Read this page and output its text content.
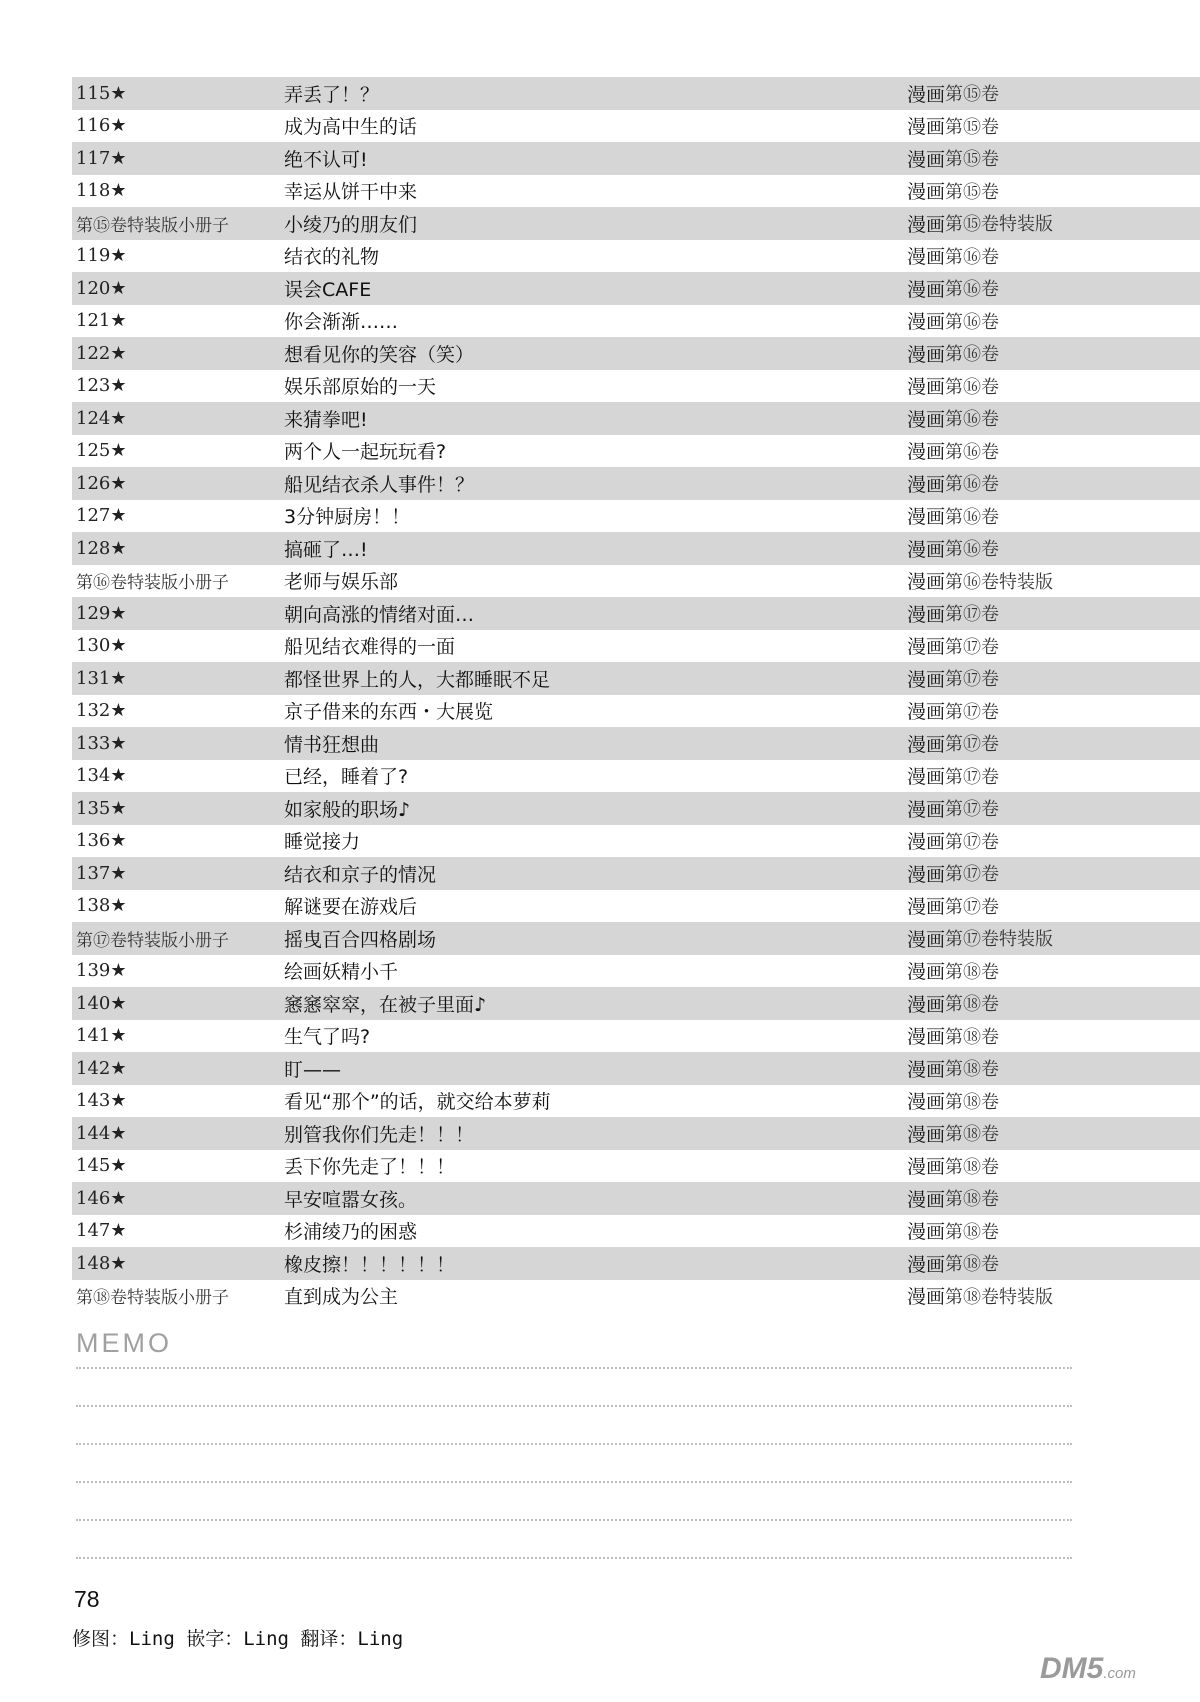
115★	弄丢了！？	漫画 第⑮卷
116★	成为高中生的话	漫画 第⑮卷
117★	绝不认可!	漫画 第⑮卷
118★	幸运从饼干中来	漫画 第⑮卷
第⑮卷特装版小册子	小绫乃的朋友们	漫画 第⑮卷特装版
119★	结衣的礼物	漫画 第⑯卷
120★	误会CAFE	漫画 第⑯卷
121★	你会渐渐……	漫画 第⑯卷
122★	想看见你的笑容（笑）	漫画 第⑯卷
123★	娱乐部原始的一天	漫画 第⑯卷
124★	来猜拳吧!	漫画 第⑯卷
125★	两个人一起玩玩看?	漫画 第⑯卷
126★	船见结衣杀人事件！？	漫画 第⑯卷
127★	3分钟厨房！！	漫画 第⑯卷
128★	搞砸了…!	漫画 第⑯卷
第⑯卷特装版小册子	老师与娱乐部	漫画 第⑯卷特装版
129★	朝向高涨的情绪对面…	漫画 第⑰卷
130★	船见结衣难得的一面	漫画 第⑰卷
131★	都怪世界上的人，大都睡眠不足	漫画 第⑰卷
132★	京子借来的东西・大展览	漫画 第⑰卷
133★	情书狂想曲	漫画 第⑰卷
134★	已经，睡着了?	漫画 第⑰卷
135★	如家般的职场♪	漫画 第⑰卷
136★	睡觉接力	漫画 第⑰卷
137★	结衣和京子的情况	漫画 第⑰卷
138★	解谜要在游戏后	漫画 第⑰卷
第⑰卷特装版小册子	摇曳百合四格剧场	漫画 第⑰卷特装版
139★	绘画妖精小千	漫画 第⑱卷
140★	窸窸窣窣，在被子里面♪	漫画 第⑱卷
141★	生气了吗?	漫画 第⑱卷
142★	盯——	漫画 第⑱卷
143★	看见“那个”的话，就交给本萝莉	漫画 第⑱卷
144★	别管我你们先走！！！	漫画 第⑱卷
145★	丢下你先走了！！！	漫画 第⑱卷
146★	早安喧嚣女孩。	漫画 第⑱卷
147★	杉浦绫乃的困惑	漫画 第⑱卷
148★	橡皮擦！！！！！！	漫画 第⑱卷
第⑱卷特装版小册子	直到成为公主	漫画 第⑱卷特装版
MEMO
78
修图：Ling 嵌字：Ling 翻译：Ling
DM5.com
